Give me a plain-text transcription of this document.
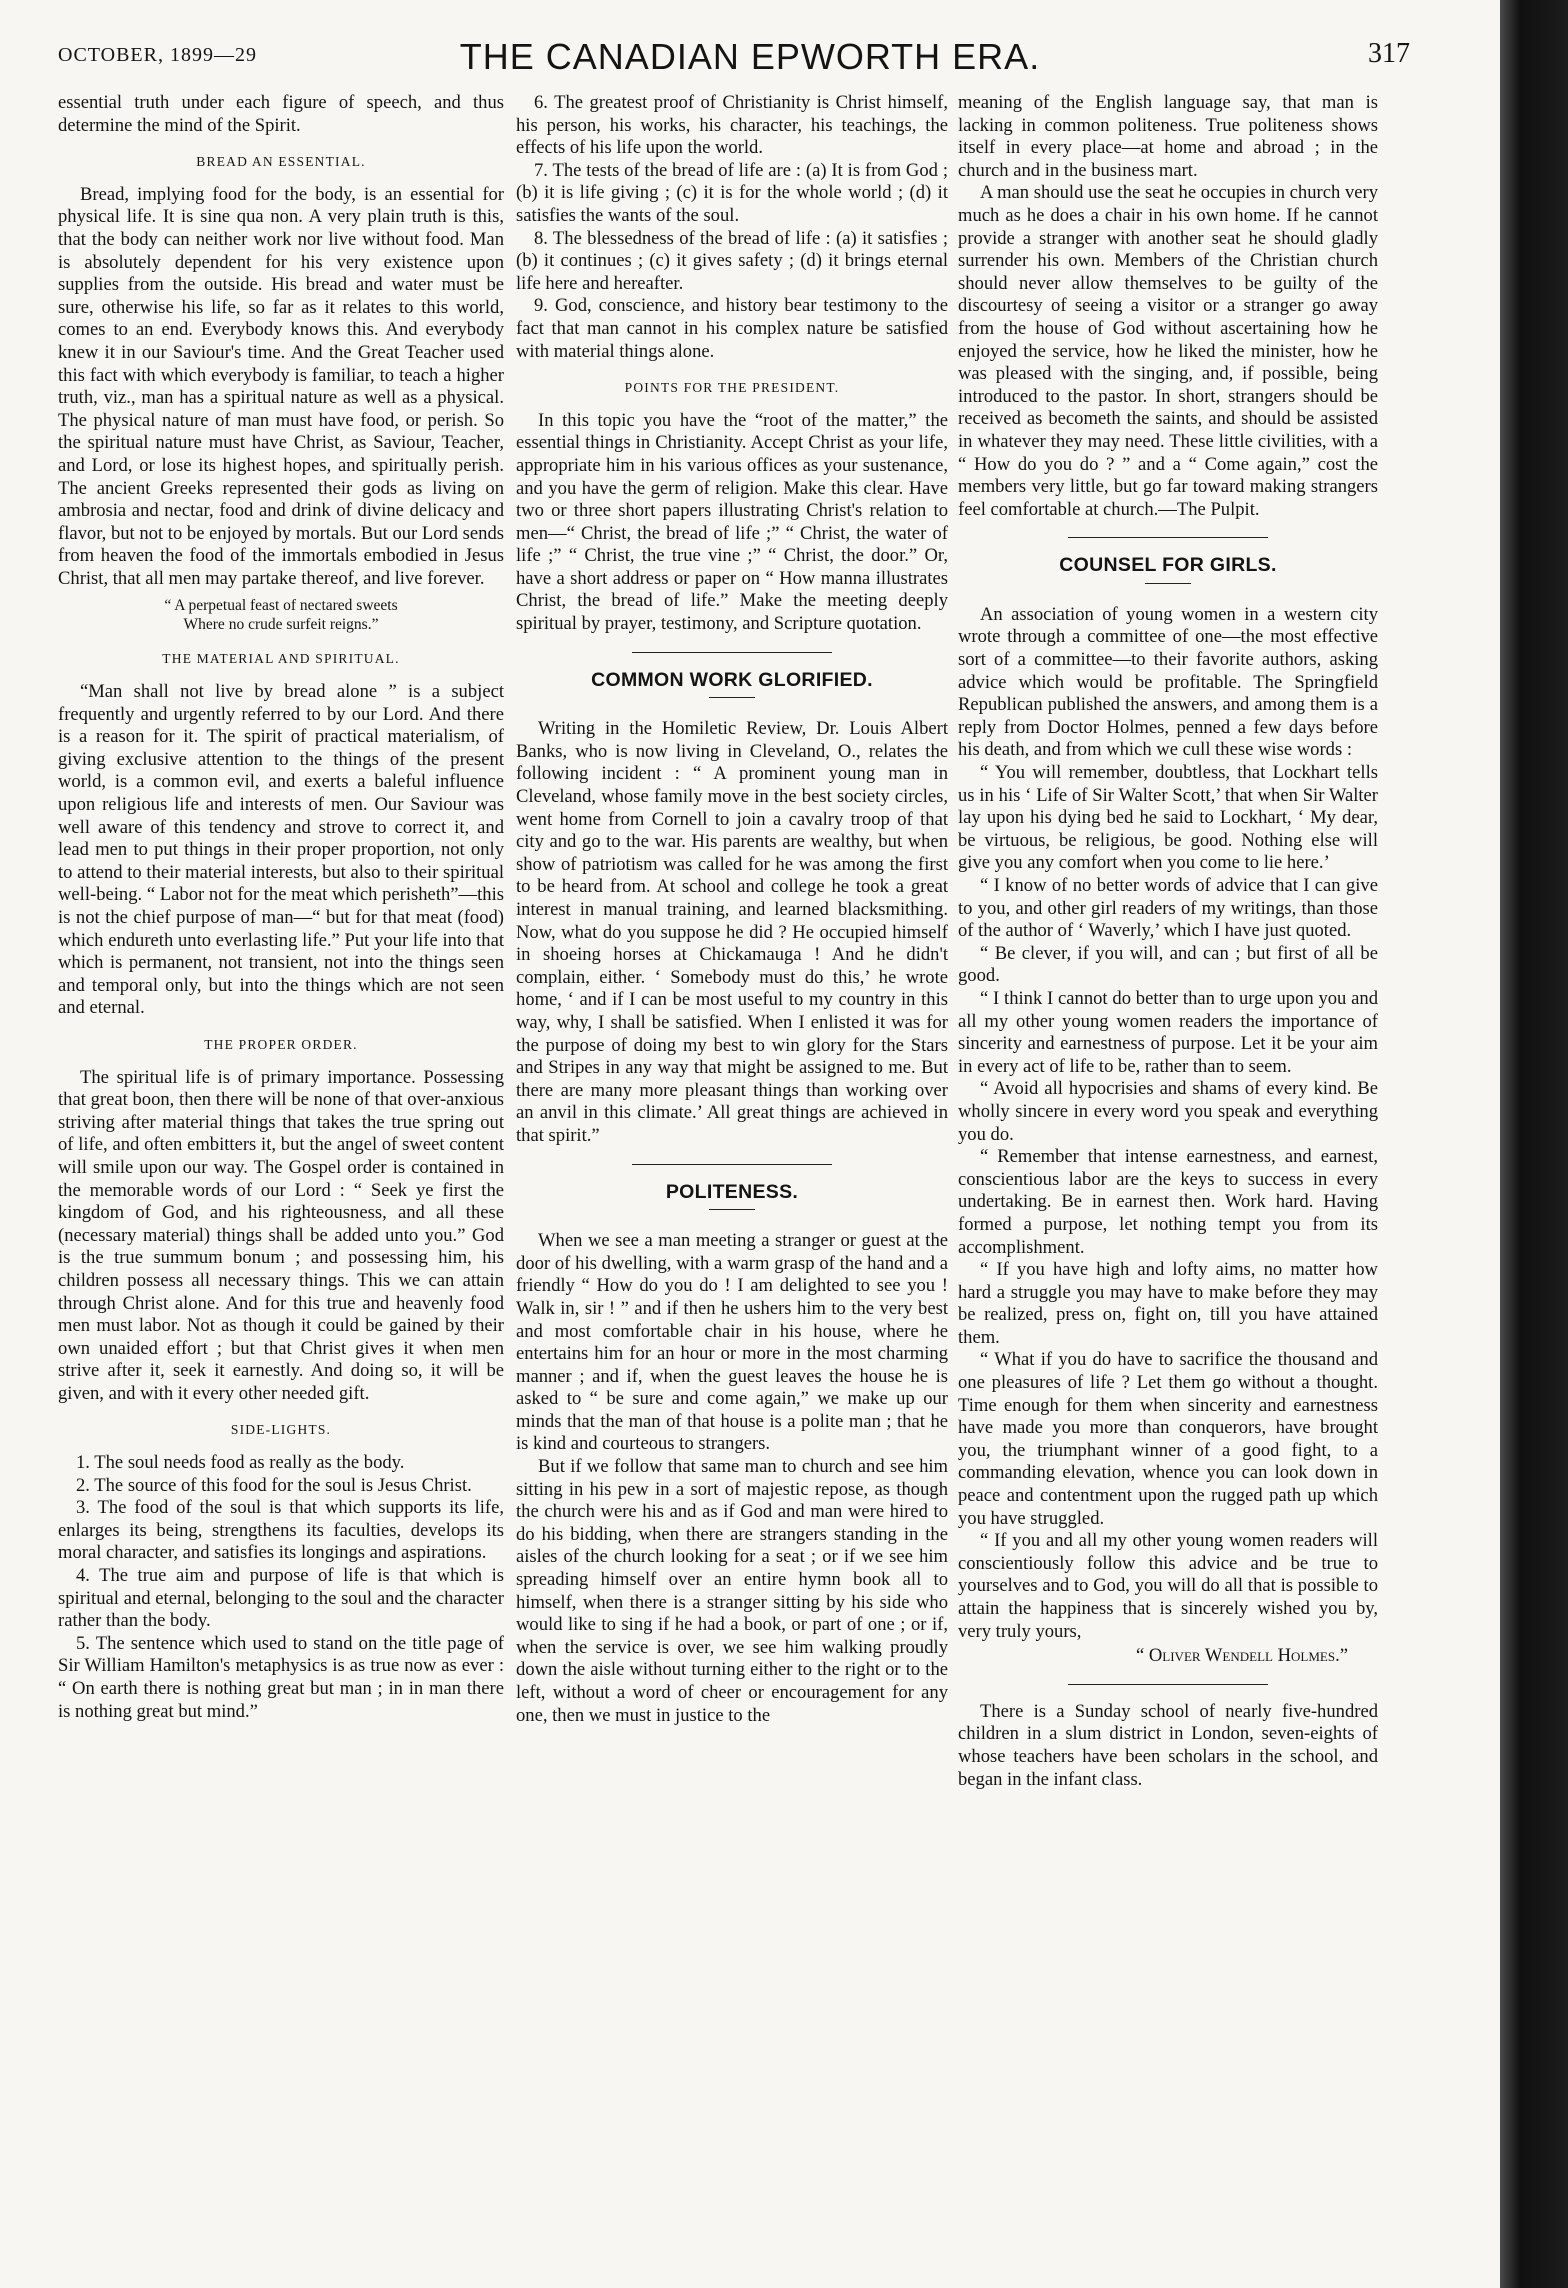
OCTOBER, 1899—29	THE CANADIAN EPWORTH ERA.	317

essential truth under each figure of speech, and thus determine the mind of the Spirit.

BREAD AN ESSENTIAL.

Bread, implying food for the body, is an essential for physical life. It is sine qua non. A very plain truth is this, that the body can neither work nor live without food. Man is absolutely dependent for his very existence upon supplies from the outside. His bread and water must be sure, otherwise his life, so far as it relates to this world, comes to an end. Everybody knows this. And everybody knew it in our Saviour's time. And the Great Teacher used this fact with which everybody is familiar, to teach a higher truth, viz., man has a spiritual nature as well as a physical. The physical nature of man must have food, or perish. So the spiritual nature must have Christ, as Saviour, Teacher, and Lord, or lose its highest hopes, and spiritually perish. The ancient Greeks represented their gods as living on ambrosia and nectar, food and drink of divine delicacy and flavor, but not to be enjoyed by mortals. But our Lord sends from heaven the food of the immortals embodied in Jesus Christ, that all men may partake thereof, and live forever.

“ A perpetual feast of nectared sweets
Where no crude surfeit reigns.”
THE MATERIAL AND SPIRITUAL.

“Man shall not live by bread alone ” is a subject frequently and urgently referred to by our Lord. And there is a reason for it. The spirit of practical materialism, of giving exclusive attention to the things of the present world, is a common evil, and exerts a baleful influence upon religious life and interests of men. Our Saviour was well aware of this tendency and strove to correct it, and lead men to put things in their proper proportion, not only to attend to their material interests, but also to their spiritual well-being. “ Labor not for the meat which perisheth”—this is not the chief purpose of man—“ but for that meat (food) which endureth unto everlasting life.” Put your life into that which is permanent, not transient, not into the things seen and temporal only, but into the things which are not seen and eternal.

THE PROPER ORDER.

The spiritual life is of primary importance. Possessing that great boon, then there will be none of that over-anxious striving after material things that takes the true spring out of life, and often embitters it, but the angel of sweet content will smile upon our way. The Gospel order is contained in the memorable words of our Lord : “ Seek ye first the kingdom of God, and his righteousness, and all these (necessary material) things shall be added unto you.” God is the true summum bonum ; and possessing him, his children possess all necessary things. This we can attain through Christ alone. And for this true and heavenly food men must labor. Not as though it could be gained by their own unaided effort ; but that Christ gives it when men strive after it, seek it earnestly. And doing so, it will be given, and with it every other needed gift.

SIDE-LIGHTS.

1. The soul needs food as really as the body.

2. The source of this food for the soul is Jesus Christ.

3. The food of the soul is that which supports its life, enlarges its being, strengthens its faculties, develops its moral character, and satisfies its longings and aspirations.

4. The true aim and purpose of life is that which is spiritual and eternal, belonging to the soul and the character rather than the body.

5. The sentence which used to stand on the title page of Sir William Hamilton's metaphysics is as true now as ever : “ On earth there is nothing great but man ; in in man there is nothing great but mind.”

6. The greatest proof of Christianity is Christ himself, his person, his works, his character, his teachings, the effects of his life upon the world.

7. The tests of the bread of life are : (a) It is from God ; (b) it is life giving ; (c) it is for the whole world ; (d) it satisfies the wants of the soul.

8. The blessedness of the bread of life : (a) it satisfies ; (b) it continues ; (c) it gives safety ; (d) it brings eternal life here and hereafter.

9. God, conscience, and history bear testimony to the fact that man cannot in his complex nature be satisfied with material things alone.

POINTS FOR THE PRESIDENT.

In this topic you have the “root of the matter,” the essential things in Christianity. Accept Christ as your life, appropriate him in his various offices as your sustenance, and you have the germ of religion. Make this clear. Have two or three short papers illustrating Christ's relation to men—“ Christ, the bread of life ;” “ Christ, the water of life ;” “ Christ, the true vine ;” “ Christ, the door.” Or, have a short address or paper on “ How manna illustrates Christ, the bread of life.” Make the meeting deeply spiritual by prayer, testimony, and Scripture quotation.

COMMON WORK GLORIFIED.

Writing in the Homiletic Review, Dr. Louis Albert Banks, who is now living in Cleveland, O., relates the following incident : “ A prominent young man in Cleveland, whose family move in the best society circles, went home from Cornell to join a cavalry troop of that city and go to the war. His parents are wealthy, but when show of patriotism was called for he was among the first to be heard from. At school and college he took a great interest in manual training, and learned blacksmithing. Now, what do you suppose he did ? He occupied himself in shoeing horses at Chickamauga ! And he didn't complain, either. ‘ Somebody must do this,’ he wrote home, ‘ and if I can be most useful to my country in this way, why, I shall be satisfied. When I enlisted it was for the purpose of doing my best to win glory for the Stars and Stripes in any way that might be assigned to me. But there are many more pleasant things than working over an anvil in this climate.’ All great things are achieved in that spirit.”

POLITENESS.

When we see a man meeting a stranger or guest at the door of his dwelling, with a warm grasp of the hand and a friendly “ How do you do ! I am delighted to see you ! Walk in, sir ! ” and if then he ushers him to the very best and most comfortable chair in his house, where he entertains him for an hour or more in the most charming manner ; and if, when the guest leaves the house he is asked to “ be sure and come again,” we make up our minds that the man of that house is a polite man ; that he is kind and courteous to strangers.

But if we follow that same man to church and see him sitting in his pew in a sort of majestic repose, as though the church were his and as if God and man were hired to do his bidding, when there are strangers standing in the aisles of the church looking for a seat ; or if we see him spreading himself over an entire hymn book all to himself, when there is a stranger sitting by his side who would like to sing if he had a book, or part of one ; or if, when the service is over, we see him walking proudly down the aisle without turning either to the right or to the left, without a word of cheer or encouragement for any one, then we must in justice to the

meaning of the English language say, that man is lacking in common politeness. True politeness shows itself in every place—at home and abroad ; in the church and in the business mart.

A man should use the seat he occupies in church very much as he does a chair in his own home. If he cannot provide a stranger with another seat he should gladly surrender his own. Members of the Christian church should never allow themselves to be guilty of the discourtesy of seeing a visitor or a stranger go away from the house of God without ascertaining how he enjoyed the service, how he liked the minister, how he was pleased with the singing, and, if possible, being introduced to the pastor. In short, strangers should be received as becometh the saints, and should be assisted in whatever they may need. These little civilities, with a “ How do you do ? ” and a “ Come again,” cost the members very little, but go far toward making strangers feel comfortable at church.—The Pulpit.

COUNSEL FOR GIRLS.

An association of young women in a western city wrote through a committee of one—the most effective sort of a committee—to their favorite authors, asking advice which would be profitable. The Springfield Republican published the answers, and among them is a reply from Doctor Holmes, penned a few days before his death, and from which we cull these wise words :

“ You will remember, doubtless, that Lockhart tells us in his ‘ Life of Sir Walter Scott,’ that when Sir Walter lay upon his dying bed he said to Lockhart, ‘ My dear, be virtuous, be religious, be good. Nothing else will give you any comfort when you come to lie here.’

“ I know of no better words of advice that I can give to you, and other girl readers of my writings, than those of the author of ‘ Waverly,’ which I have just quoted.

“ Be clever, if you will, and can ; but first of all be good.

“ I think I cannot do better than to urge upon you and all my other young women readers the importance of sincerity and earnestness of purpose. Let it be your aim in every act of life to be, rather than to seem.

“ Avoid all hypocrisies and shams of every kind. Be wholly sincere in every word you speak and everything you do.

“ Remember that intense earnestness, and earnest, conscientious labor are the keys to success in every undertaking. Be in earnest then. Work hard. Having formed a purpose, let nothing tempt you from its accomplishment.

“ If you have high and lofty aims, no matter how hard a struggle you may have to make before they may be realized, press on, fight on, till you have attained them.

“ What if you do have to sacrifice the thousand and one pleasures of life ? Let them go without a thought. Time enough for them when sincerity and earnestness have made you more than conquerors, have brought you, the triumphant winner of a good fight, to a commanding elevation, whence you can look down in peace and contentment upon the rugged path up which you have struggled.

“ If you and all my other young women readers will conscientiously follow this advice and be true to yourselves and to God, you will do all that is possible to attain the happiness that is sincerely wished you by, very truly yours,

“ Oliver Wendell Holmes.”

There is a Sunday school of nearly five-hundred children in a slum district in London, seven-eights of whose teachers have been scholars in the school, and began in the infant class.
